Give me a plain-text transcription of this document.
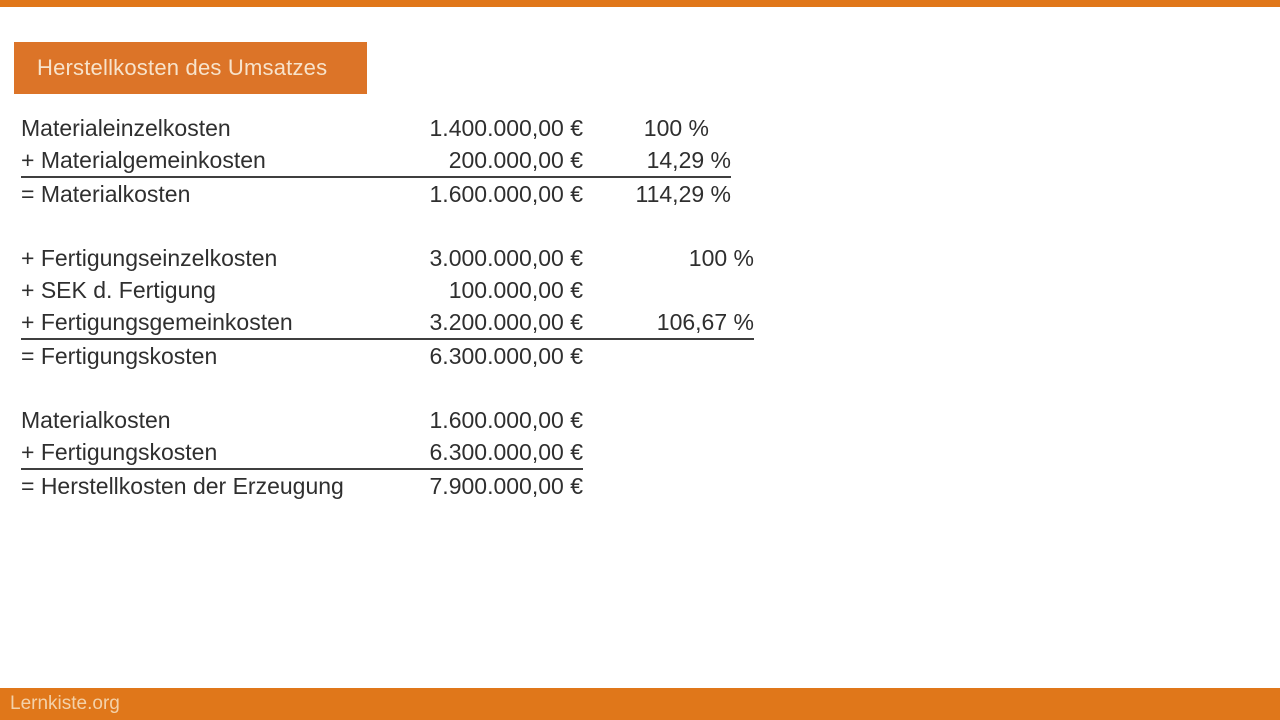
Herstellkosten des Umsatzes
Materialeinzelkosten	1.400.000,00 €	100 %
+ Materialgemeinkosten	200.000,00 €	14,29 %
= Materialkosten	1.600.000,00 €	114,29 %
+ Fertigungseinzelkosten	3.000.000,00 €	100 %
+ SEK d. Fertigung	100.000,00 €
+ Fertigungsgemeinkosten	3.200.000,00 €	106,67 %
= Fertigungskosten	6.300.000,00 €
Materialkosten	1.600.000,00 €
+ Fertigungskosten	6.300.000,00 €
= Herstellkosten der Erzeugung	7.900.000,00 €
Lernkiste.org
